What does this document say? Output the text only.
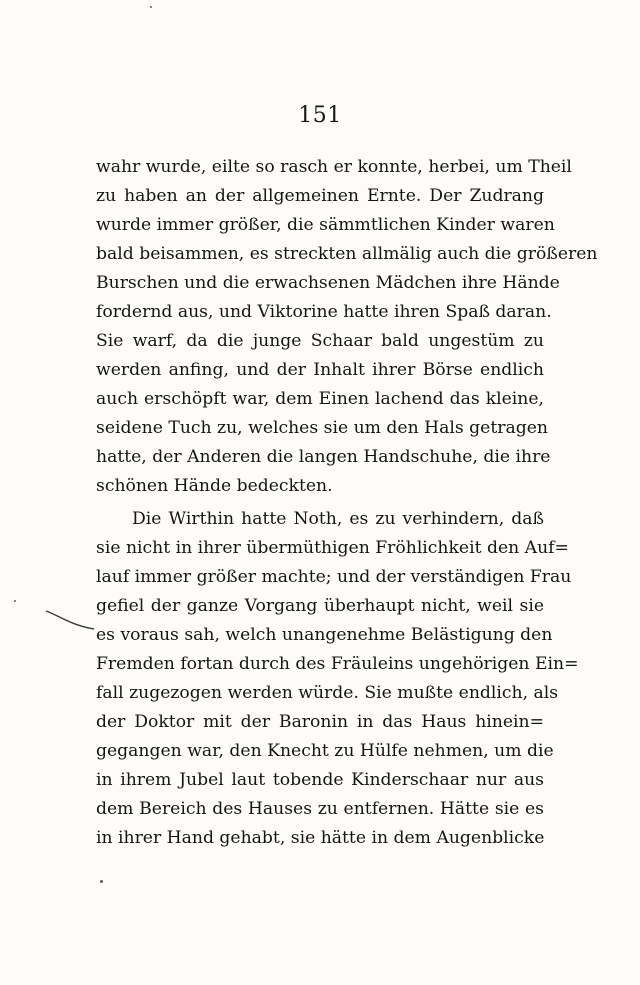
151

wahr wurde, eilte so rasch er konnte, herbei, um Theil

zu haben an der allgemeinen Ernte. Der Zudrang

wurde immer größer, die sämmtlichen Kinder waren

bald beisammen, es streckten allmälig auch die größeren

Burschen und die erwachsenen Mädchen ihre Hände

fordernd aus, und Viktorine hatte ihren Spaß daran.

Sie warf, da die junge Schaar bald ungestüm zu

werden anfing, und der Inhalt ihrer Börse endlich

auch erschöpft war, dem Einen lachend das kleine,

seidene Tuch zu, welches sie um den Hals getragen

hatte, der Anderen die langen Handschuhe, die ihre

schönen Hände bedeckten.

Die Wirthin hatte Noth, es zu verhindern, daß

sie nicht in ihrer übermüthigen Fröhlichkeit den Auf=

lauf immer größer machte; und der verständigen Frau

gefiel der ganze Vorgang überhaupt nicht, weil sie

es voraus sah, welch unangenehme Belästigung den

Fremden fortan durch des Fräuleins ungehörigen Ein=

fall zugezogen werden würde. Sie mußte endlich, als

der Doktor mit der Baronin in das Haus hinein=

gegangen war, den Knecht zu Hülfe nehmen, um die

in ihrem Jubel laut tobende Kinderschaar nur aus

dem Bereich des Hauses zu entfernen. Hätte sie es

in ihrer Hand gehabt, sie hätte in dem Augenblicke
